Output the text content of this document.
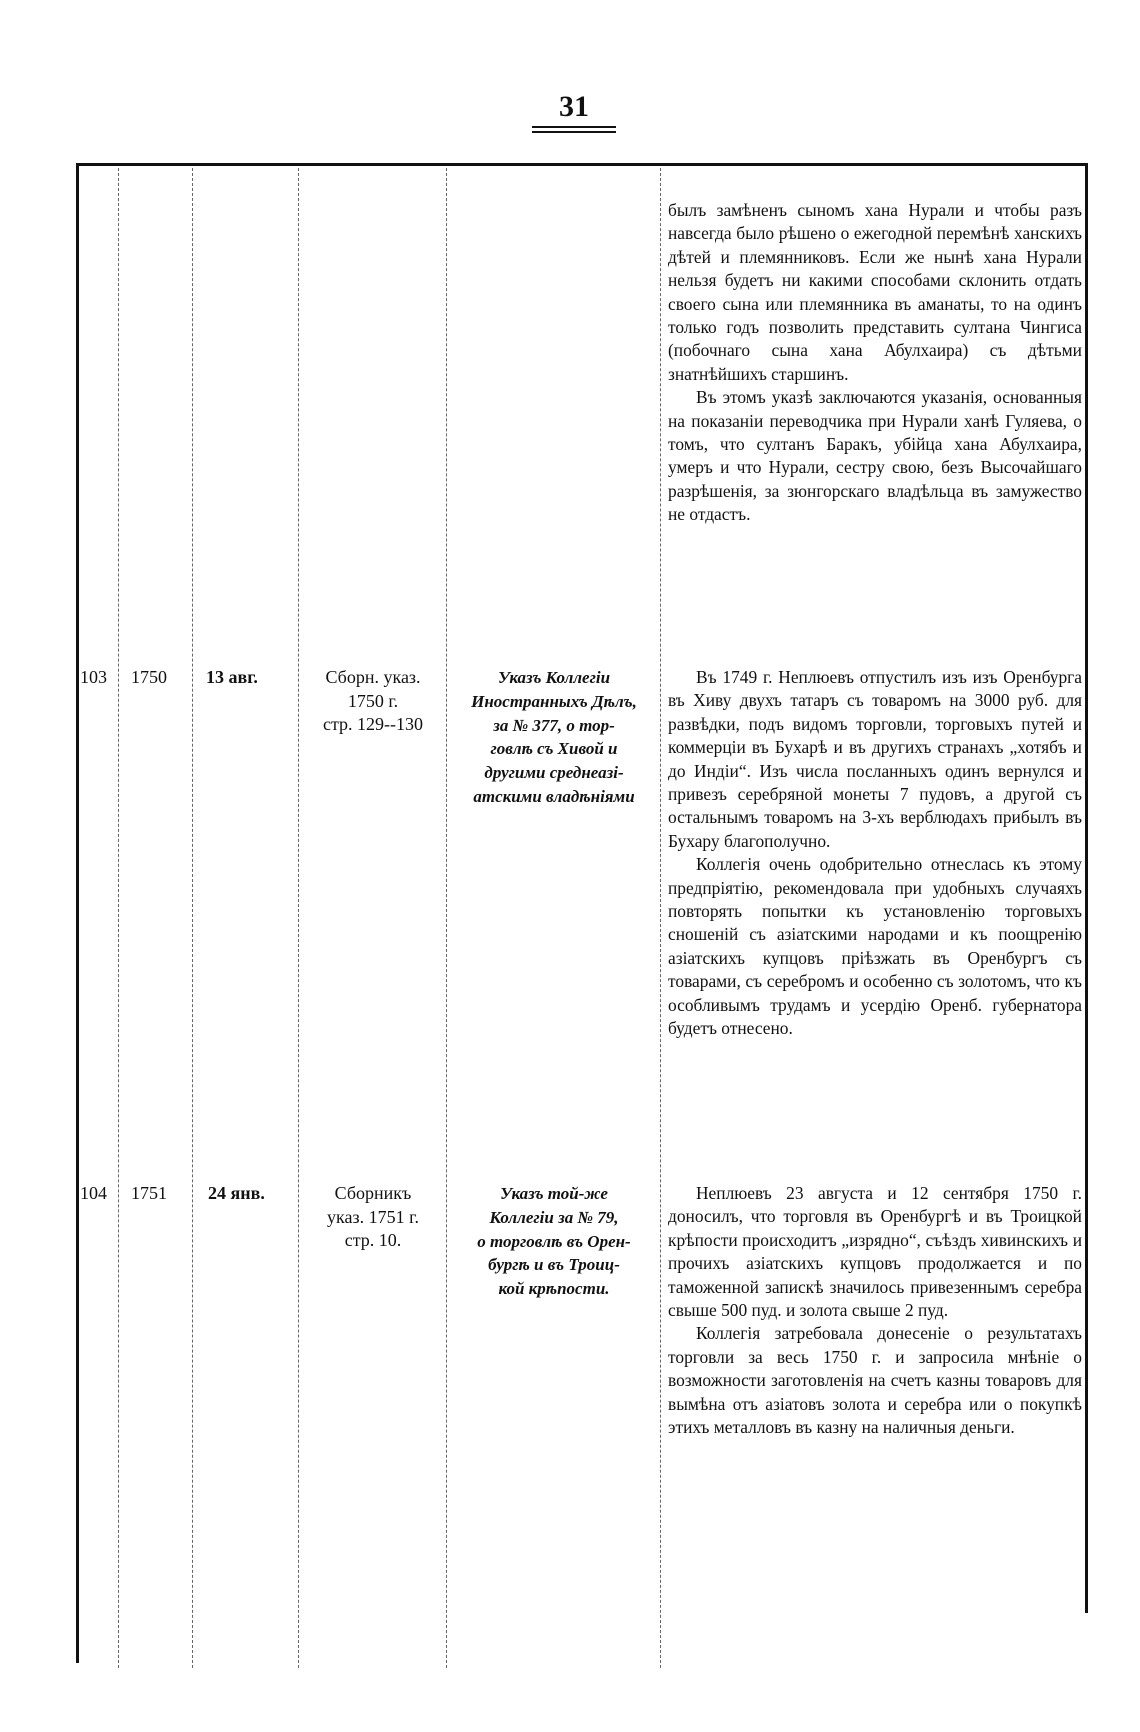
31

былъ замѣненъ сыномъ хана Нурали и чтобы разъ навсегда было рѣшено о ежегодной перемѣнѣ ханскихъ дѣтей и племянниковъ. Если же нынѣ хана Нурали нельзя будетъ ни какими способами склонить отдать своего сына или племянника въ аманаты, то на одинъ только годъ позволить представить султана Чингиса (побочнаго сына хана Абулхаира) съ дѣтьми знатнѣйшихъ старшинъ.

Въ этомъ указѣ заключаются указанія, основанныя на показаніи переводчика при Нурали ханѣ Гуляева, о томъ, что султанъ Баракъ, убійца хана Абулхаира, умеръ и что Нурали, сестру свою, безъ Высочайшаго разрѣшенія, за зюнгорскаго владѣльца въ замужество не отдастъ.

103 1750 13 авг.	Сборн. указ.
1750 г.
стр. 129--130
Указъ Коллегіи
Иностранныхъ Дѣлъ,
за № 377, о тор-
говлѣ съ Хивой и
другими среднеазі-
атскими владѣніями

Въ 1749 г. Неплюевъ отпустилъ изъ изъ Оренбурга въ Хиву двухъ татаръ съ товаромъ на 3000 руб. для развѣдки, подъ видомъ торговли, торговыхъ путей и коммерціи въ Бухарѣ и въ другихъ странахъ „хотябъ и до Индіи“. Изъ числа посланныхъ одинъ вернулся и привезъ серебряной монеты 7 пудовъ, а другой съ остальнымъ товаромъ на 3-хъ верблюдахъ прибылъ въ Бухару благополучно.

Коллегія очень одобрительно отнеслась къ этому предпріятію, рекомендовала при удобныхъ случаяхъ повторять попытки къ установленію торговыхъ сношеній съ азіатскими народами и къ поощренію азіатскихъ купцовъ пріѣзжать въ Оренбургъ съ товарами, съ серебромъ и особенно съ золотомъ, что къ особливымъ трудамъ и усердію Оренб. губернатора будетъ отнесено.

104 1751 24 янв.	Сборникъ
указ. 1751 г.
стр. 10.
Указъ той-же
Коллегіи за № 79,
о торговлѣ въ Орен-
бургѣ и въ Троиц-
кой крѣпости.

Неплюевъ 23 августа и 12 сентября 1750 г. доносилъ, что торговля въ Оренбургѣ и въ Троицкой крѣпости происходитъ „изрядно“, съѣздъ хивинскихъ и прочихъ азіатскихъ купцовъ продолжается и по таможенной запискѣ значилось привезеннымъ серебра свыше 500 пуд. и золота свыше 2 пуд.

Коллегія затребовала донесеніе о результатахъ торговли за весь 1750 г. и запросила мнѣніе о возможности заготовленія на счетъ казны товаровъ для вымѣна отъ азіатовъ золота и серебра или о покупкѣ этихъ металловъ въ казну на наличныя деньги.
